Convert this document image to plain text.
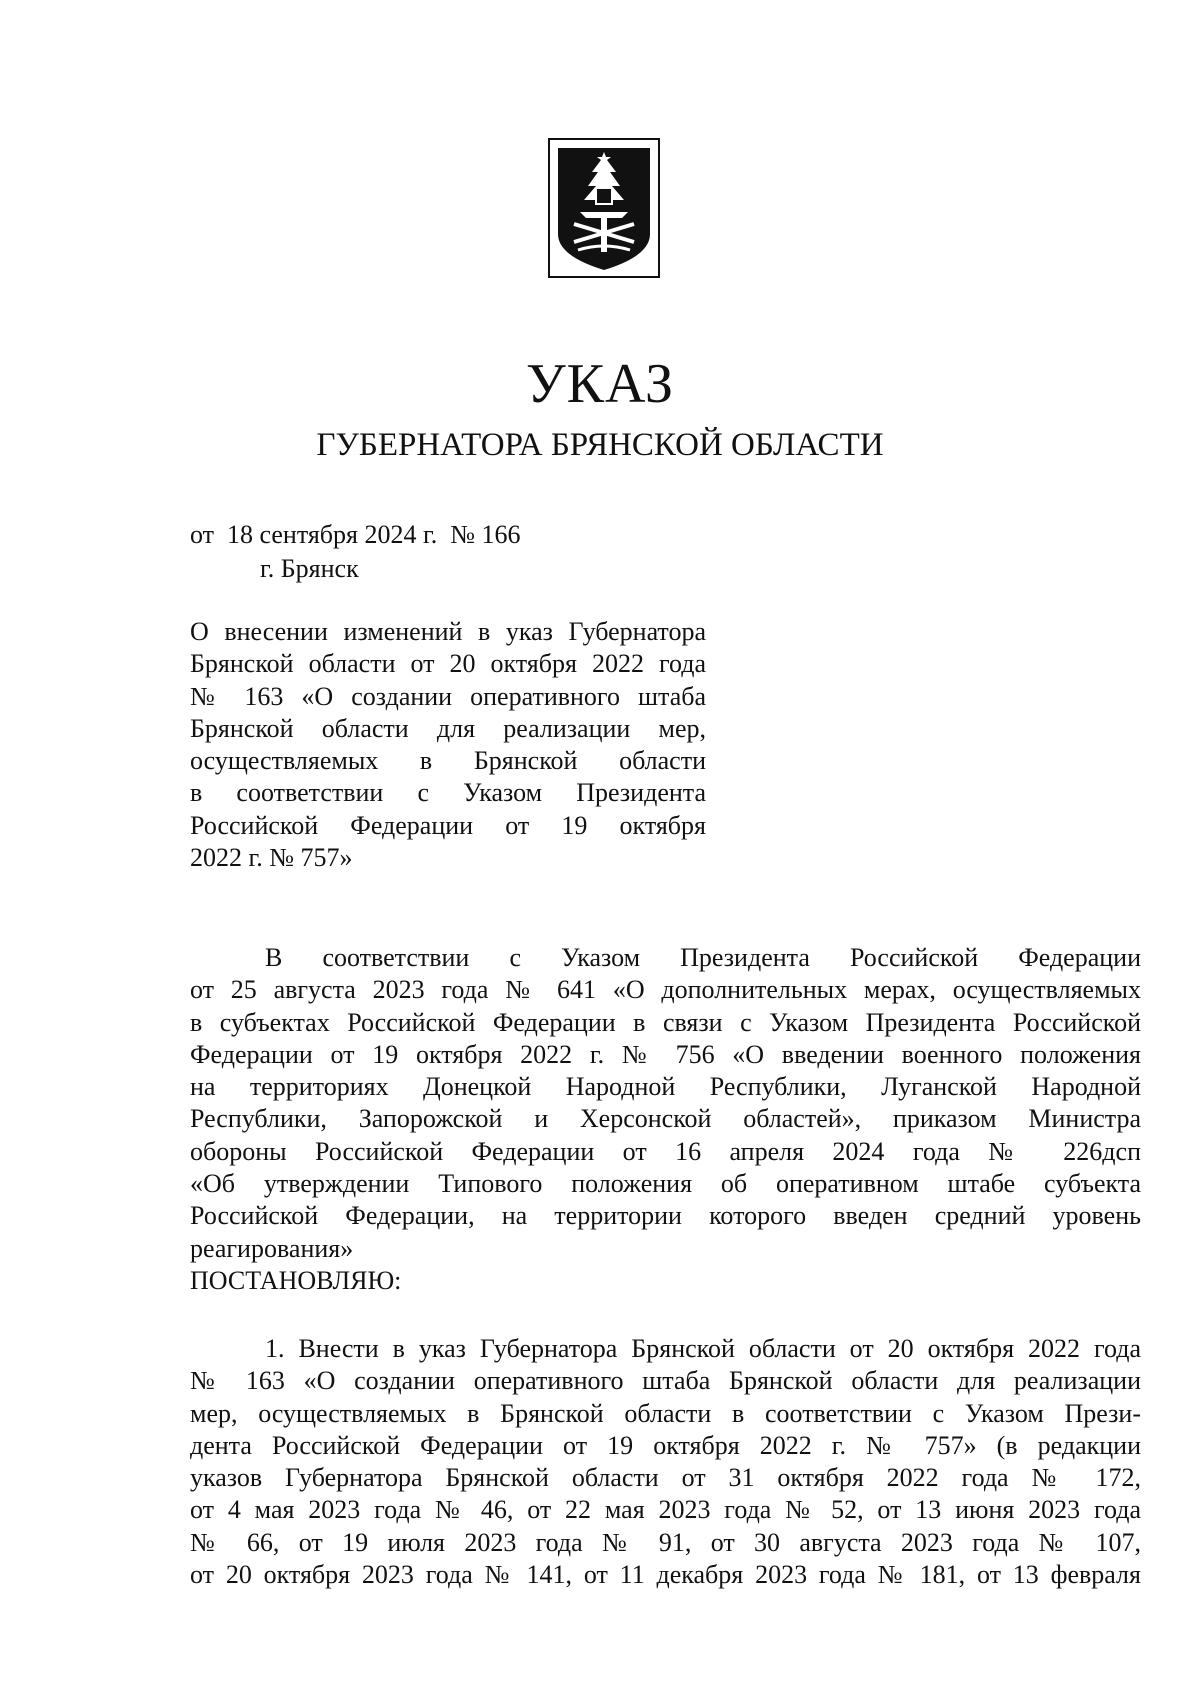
УКАЗ
ГУБЕРНАТОРА БРЯНСКОЙ ОБЛАСТИ
от  18 сентября 2024 г.  № 166
г. Брянск
О внесении изменений в указ Губернатора
Брянской области от 20 октября 2022 года
№ 163 «О создании оперативного штаба
Брянской области для реализации мер,
осуществляемых в Брянской области
в соответствии с Указом Президента
Российской Федерации от 19 октября
2022 г. № 757»
В соответствии с Указом Президента Российской Федерации
от 25 августа 2023 года № 641 «О дополнительных мерах, осуществляемых
в субъектах Российской Федерации в связи с Указом Президента Российской
Федерации от 19 октября 2022 г. № 756 «О введении военного положения
на территориях Донецкой Народной Республики, Луганской Народной
Республики, Запорожской и Херсонской областей», приказом Министра
обороны Российской Федерации от 16 апреля 2024 года № 226дсп
«Об утверждении Типового положения об оперативном штабе субъекта
Российской Федерации, на территории которого введен средний уровень
реагирования»
ПОСТАНОВЛЯЮ:
1. Внести в указ Губернатора Брянской области от 20 октября 2022 года
№ 163 «О создании оперативного штаба Брянской области для реализации
мер, осуществляемых в Брянской области в соответствии с Указом Прези-
дента Российской Федерации от 19 октября 2022 г. № 757» (в редакции
указов Губернатора Брянской области от 31 октября 2022 года № 172,
от 4 мая 2023 года № 46, от 22 мая 2023 года № 52, от 13 июня 2023 года
№ 66, от 19 июля 2023 года № 91, от 30 августа 2023 года № 107,
от 20 октября 2023 года № 141, от 11 декабря 2023 года № 181, от 13 февраля
